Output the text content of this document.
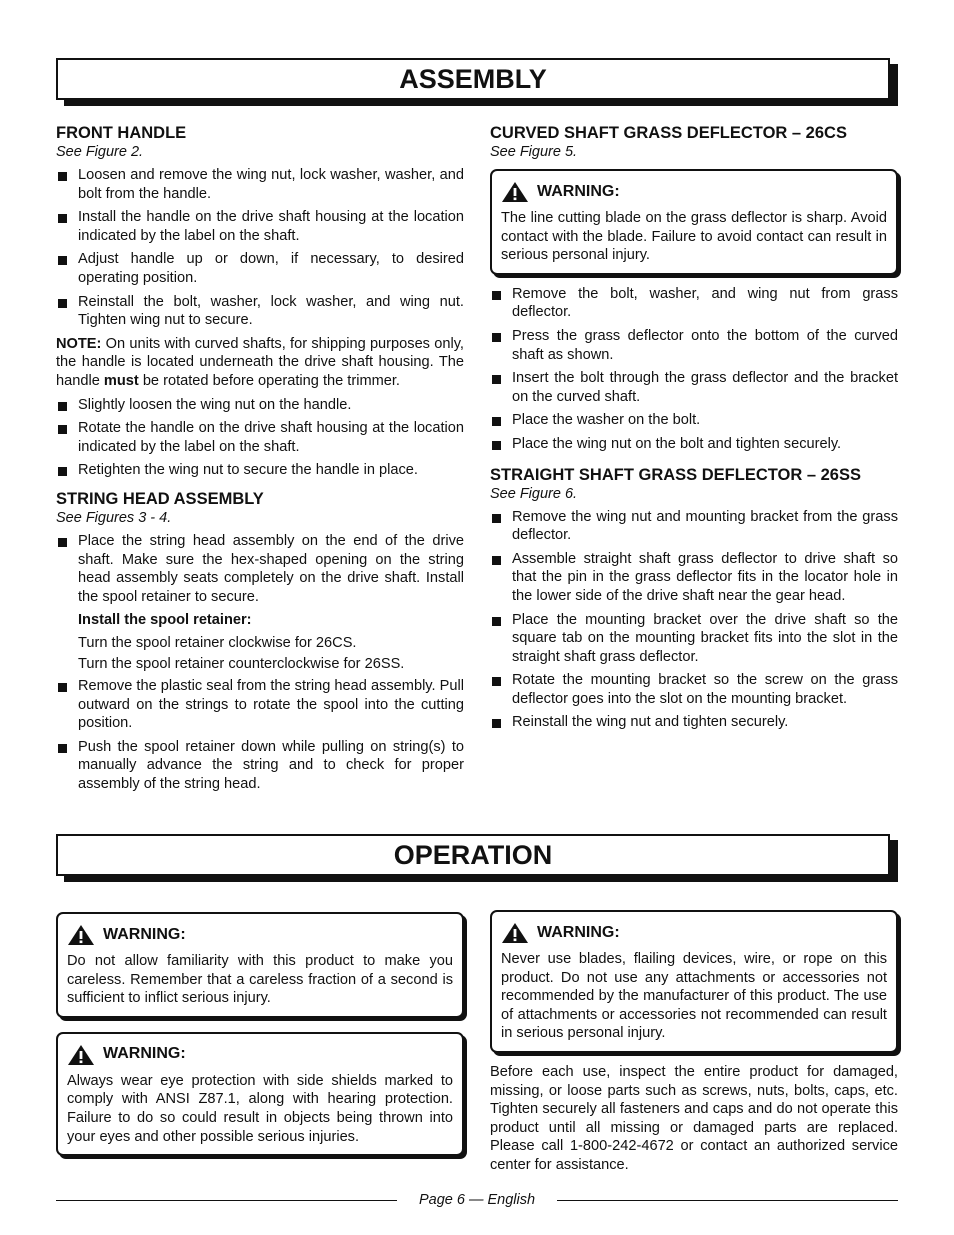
ASSEMBLY
FRONT HANDLE
See Figure 2.
Loosen and remove the wing nut, lock washer, washer, and bolt from the handle.
Install the handle on the drive shaft housing at the location indicated by the label on the shaft.
Adjust handle up or down, if necessary, to desired operating position.
Reinstall the bolt, washer, lock washer, and wing nut. Tighten wing nut to secure.

NOTE: On units with curved shafts, for shipping purposes only, the handle is located underneath the drive shaft housing. The handle must be rotated before operating the trimmer.

Slightly loosen the wing nut on the handle.
Rotate the handle on the drive shaft housing at the location indicated by the label on the shaft.
Retighten the wing nut to secure the handle in place.
STRING HEAD ASSEMBLY
See Figures 3 - 4.
Place the string head assembly on the end of the drive shaft. Make sure the hex-shaped opening on the string head assembly seats completely on the drive shaft. Install the spool retainer to secure.
Install the spool retainer:
Turn the spool retainer clockwise for 26CS.
Turn the spool retainer counterclockwise for 26SS.
Remove the plastic seal from the string head assembly. Pull outward on the strings to rotate the spool into the cutting position.
Push the spool retainer down while pulling on string(s) to manually advance the string and to check for proper assembly of the string head.
CURVED SHAFT GRASS DEFLECTOR – 26CS
See Figure 5.
WARNING:

The line cutting blade on the grass deflector is sharp. Avoid contact with the blade. Failure to avoid contact can result in serious personal injury.

Remove the bolt, washer, and wing nut from grass deflector.
Press the grass deflector onto the bottom of the curved shaft as shown.
Insert the bolt through the grass deflector and the bracket on the curved shaft.
Place the washer on the bolt.
Place the wing nut on the bolt and tighten securely.
STRAIGHT SHAFT GRASS DEFLECTOR – 26SS
See Figure 6.
Remove the wing nut and mounting bracket from the grass deflector.
Assemble straight shaft grass deflector to drive shaft so that the pin in the grass deflector fits in the locator hole in the lower side of the drive shaft near the gear head.
Place the mounting bracket over the drive shaft so the square tab on the mounting bracket fits into the slot in the straight shaft grass deflector.
Rotate the mounting bracket so the screw on the grass deflector goes into the slot on the mounting bracket.
Reinstall the wing nut and tighten securely.
OPERATION
WARNING:

Do not allow familiarity with this product to make you careless. Remember that a careless fraction of a second is sufficient to inflict serious injury.

WARNING:

Always wear eye protection with side shields marked to comply with ANSI Z87.1, along with hearing protection. Failure to do so could result in objects being thrown into your eyes and other possible serious injuries.

WARNING:

Never use blades, flailing devices, wire, or rope on this product. Do not use any attachments or accessories not recommended by the manufacturer of this product. The use of attachments or accessories not recommended can result in serious personal injury.

Before each use, inspect the entire product for damaged, missing, or loose parts such as screws, nuts, bolts, caps, etc. Tighten securely all fasteners and caps and do not operate this product until all missing or damaged parts are replaced. Please call 1-800-242-4672 or contact an authorized service center for assistance.

Page 6 — English
